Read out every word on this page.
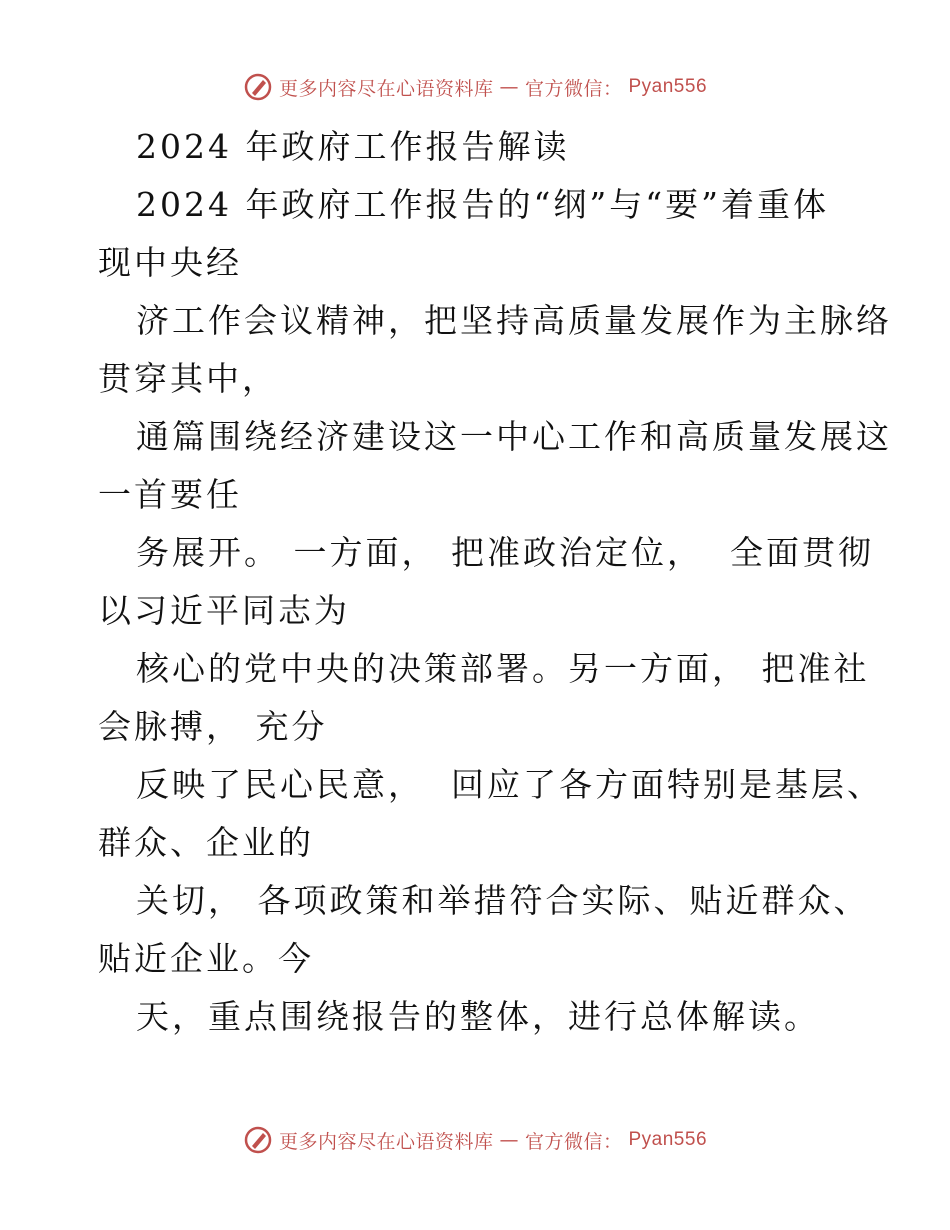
更多内容尽在心语资料库 — 官方微信： Pyan556
2024 年政府工作报告解读
2024 年政府工作报告的“纲”与“要”着重体
现中央经
济工作会议精神，把坚持高质量发展作为主脉络
贯穿其中，
通篇围绕经济建设这一中心工作和高质量发展这
一首要任
务展开。 一方面， 把准政治定位，  全面贯彻
以习近平同志为
核心的党中央的决策部署。另一方面， 把准社
会脉搏， 充分
反映了民心民意，  回应了各方面特别是基层、
群众、企业的
关切， 各项政策和举措符合实际、贴近群众、
贴近企业。今
天，重点围绕报告的整体，进行总体解读。
更多内容尽在心语资料库 — 官方微信： Pyan556
